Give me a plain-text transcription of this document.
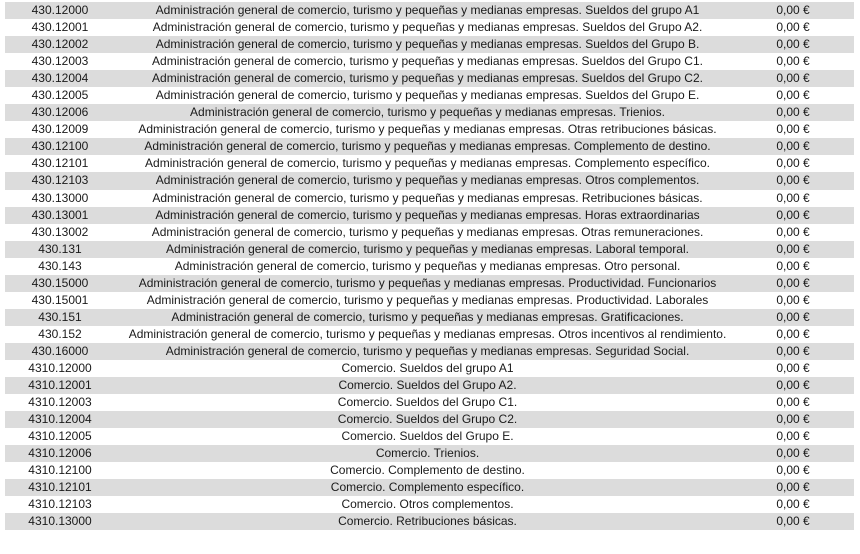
430.12000	Administración general de comercio, turismo y pequeñas y medianas empresas. Sueldos del grupo A1	0,00 €
430.12001	Administración general de comercio, turismo y pequeñas y medianas empresas. Sueldos del Grupo A2.	0,00 €
430.12002	Administración general de comercio, turismo y pequeñas y medianas empresas. Sueldos del Grupo B.	0,00 €
430.12003	Administración general de comercio, turismo y pequeñas y medianas empresas. Sueldos del Grupo C1.	0,00 €
430.12004	Administración general de comercio, turismo y pequeñas y medianas empresas. Sueldos del Grupo C2.	0,00 €
430.12005	Administración general de comercio, turismo y pequeñas y medianas empresas. Sueldos del Grupo E.	0,00 €
430.12006	Administración general de comercio, turismo y pequeñas y medianas empresas. Trienios.	0,00 €
430.12009	Administración general de comercio, turismo y pequeñas y medianas empresas. Otras retribuciones básicas.	0,00 €
430.12100	Administración general de comercio, turismo y pequeñas y medianas empresas. Complemento de destino.	0,00 €
430.12101	Administración general de comercio, turismo y pequeñas y medianas empresas. Complemento específico.	0,00 €
430.12103	Administración general de comercio, turismo y pequeñas y medianas empresas. Otros complementos.	0,00 €
430.13000	Administración general de comercio, turismo y pequeñas y medianas empresas. Retribuciones básicas.	0,00 €
430.13001	Administración general de comercio, turismo y pequeñas y medianas empresas. Horas extraordinarias	0,00 €
430.13002	Administración general de comercio, turismo y pequeñas y medianas empresas. Otras remuneraciones.	0,00 €
430.131	Administración general de comercio, turismo y pequeñas y medianas empresas. Laboral temporal.	0,00 €
430.143	Administración general de comercio, turismo y pequeñas y medianas empresas. Otro personal.	0,00 €
430.15000	Administración general de comercio, turismo y pequeñas y medianas empresas. Productividad. Funcionarios	0,00 €
430.15001	Administración general de comercio, turismo y pequeñas y medianas empresas. Productividad. Laborales	0,00 €
430.151	Administración general de comercio, turismo y pequeñas y medianas empresas. Gratificaciones.	0,00 €
430.152	Administración general de comercio, turismo y pequeñas y medianas empresas. Otros incentivos al rendimiento.	0,00 €
430.16000	Administración general de comercio, turismo y pequeñas y medianas empresas. Seguridad Social.	0,00 €
4310.12000	Comercio. Sueldos del grupo A1	0,00 €
4310.12001	Comercio. Sueldos del Grupo A2.	0,00 €
4310.12003	Comercio. Sueldos del Grupo C1.	0,00 €
4310.12004	Comercio. Sueldos del Grupo C2.	0,00 €
4310.12005	Comercio. Sueldos del Grupo E.	0,00 €
4310.12006	Comercio. Trienios.	0,00 €
4310.12100	Comercio. Complemento de destino.	0,00 €
4310.12101	Comercio. Complemento específico.	0,00 €
4310.12103	Comercio. Otros complementos.	0,00 €
4310.13000	Comercio. Retribuciones básicas.	0,00 €
